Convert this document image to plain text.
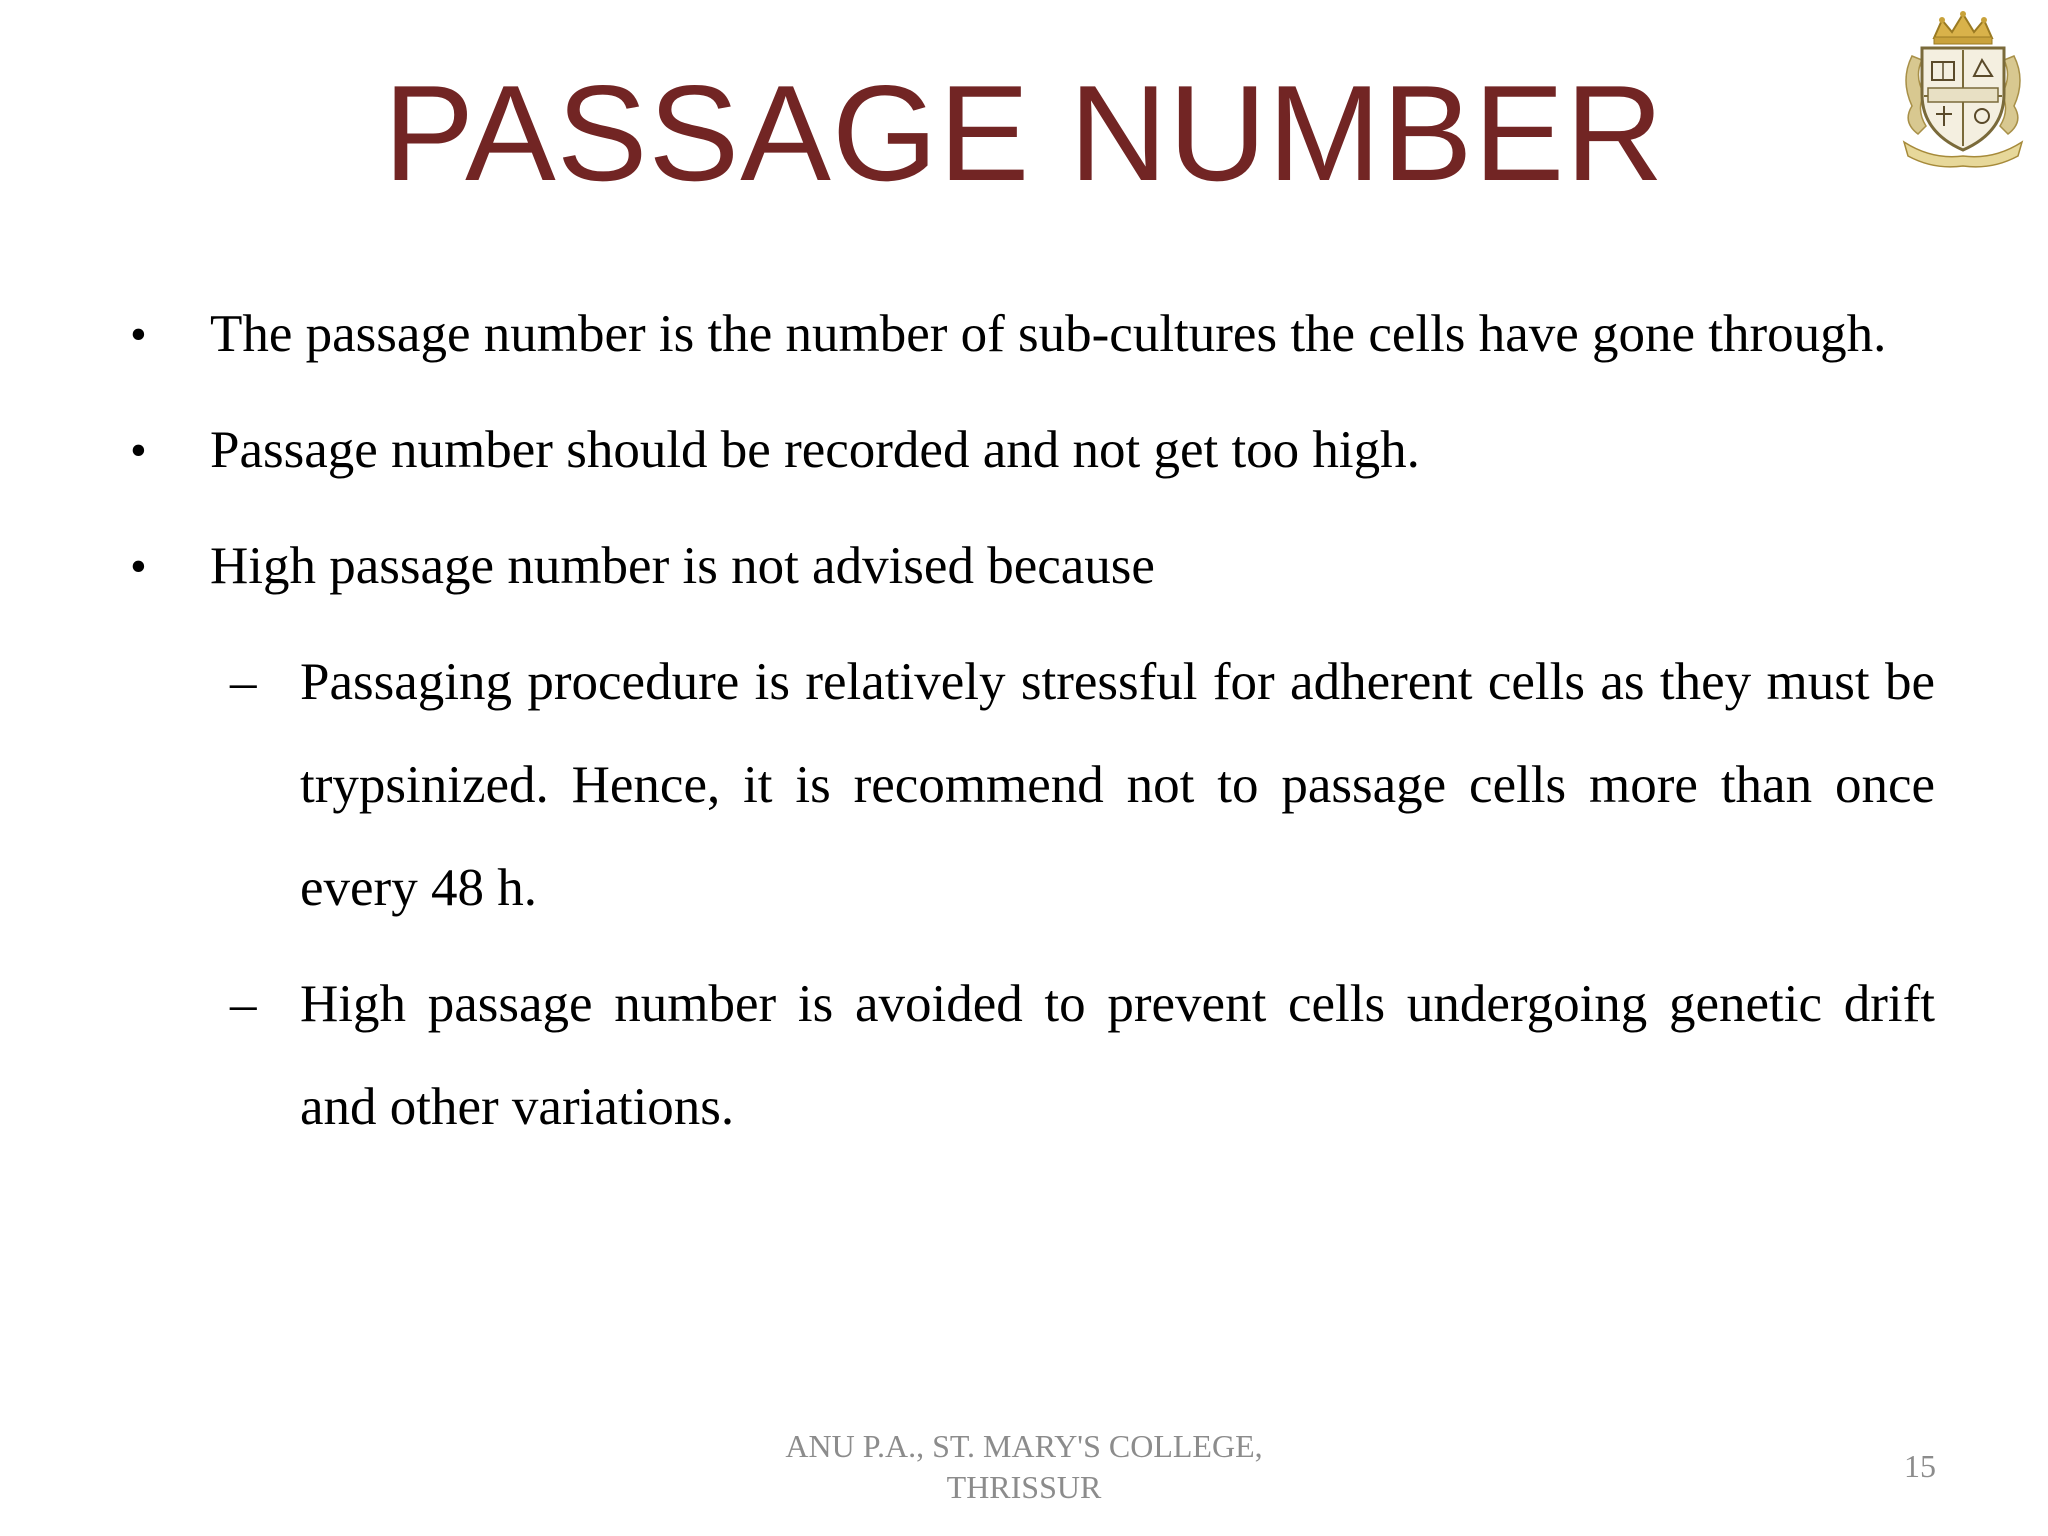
PASSAGE NUMBER
• The passage number is the number of sub-cultures the cells have gone through.
• Passage number should be recorded and not get too high.
• High passage number is not advised because
– Passaging procedure is relatively stressful for adherent cells as they must be trypsinized. Hence, it is recommend not to passage cells more than once every 48 h.
– High passage number is avoided to prevent cells undergoing genetic drift and other variations.
ANU P.A., ST. MARY'S COLLEGE,
THRISSUR
15
